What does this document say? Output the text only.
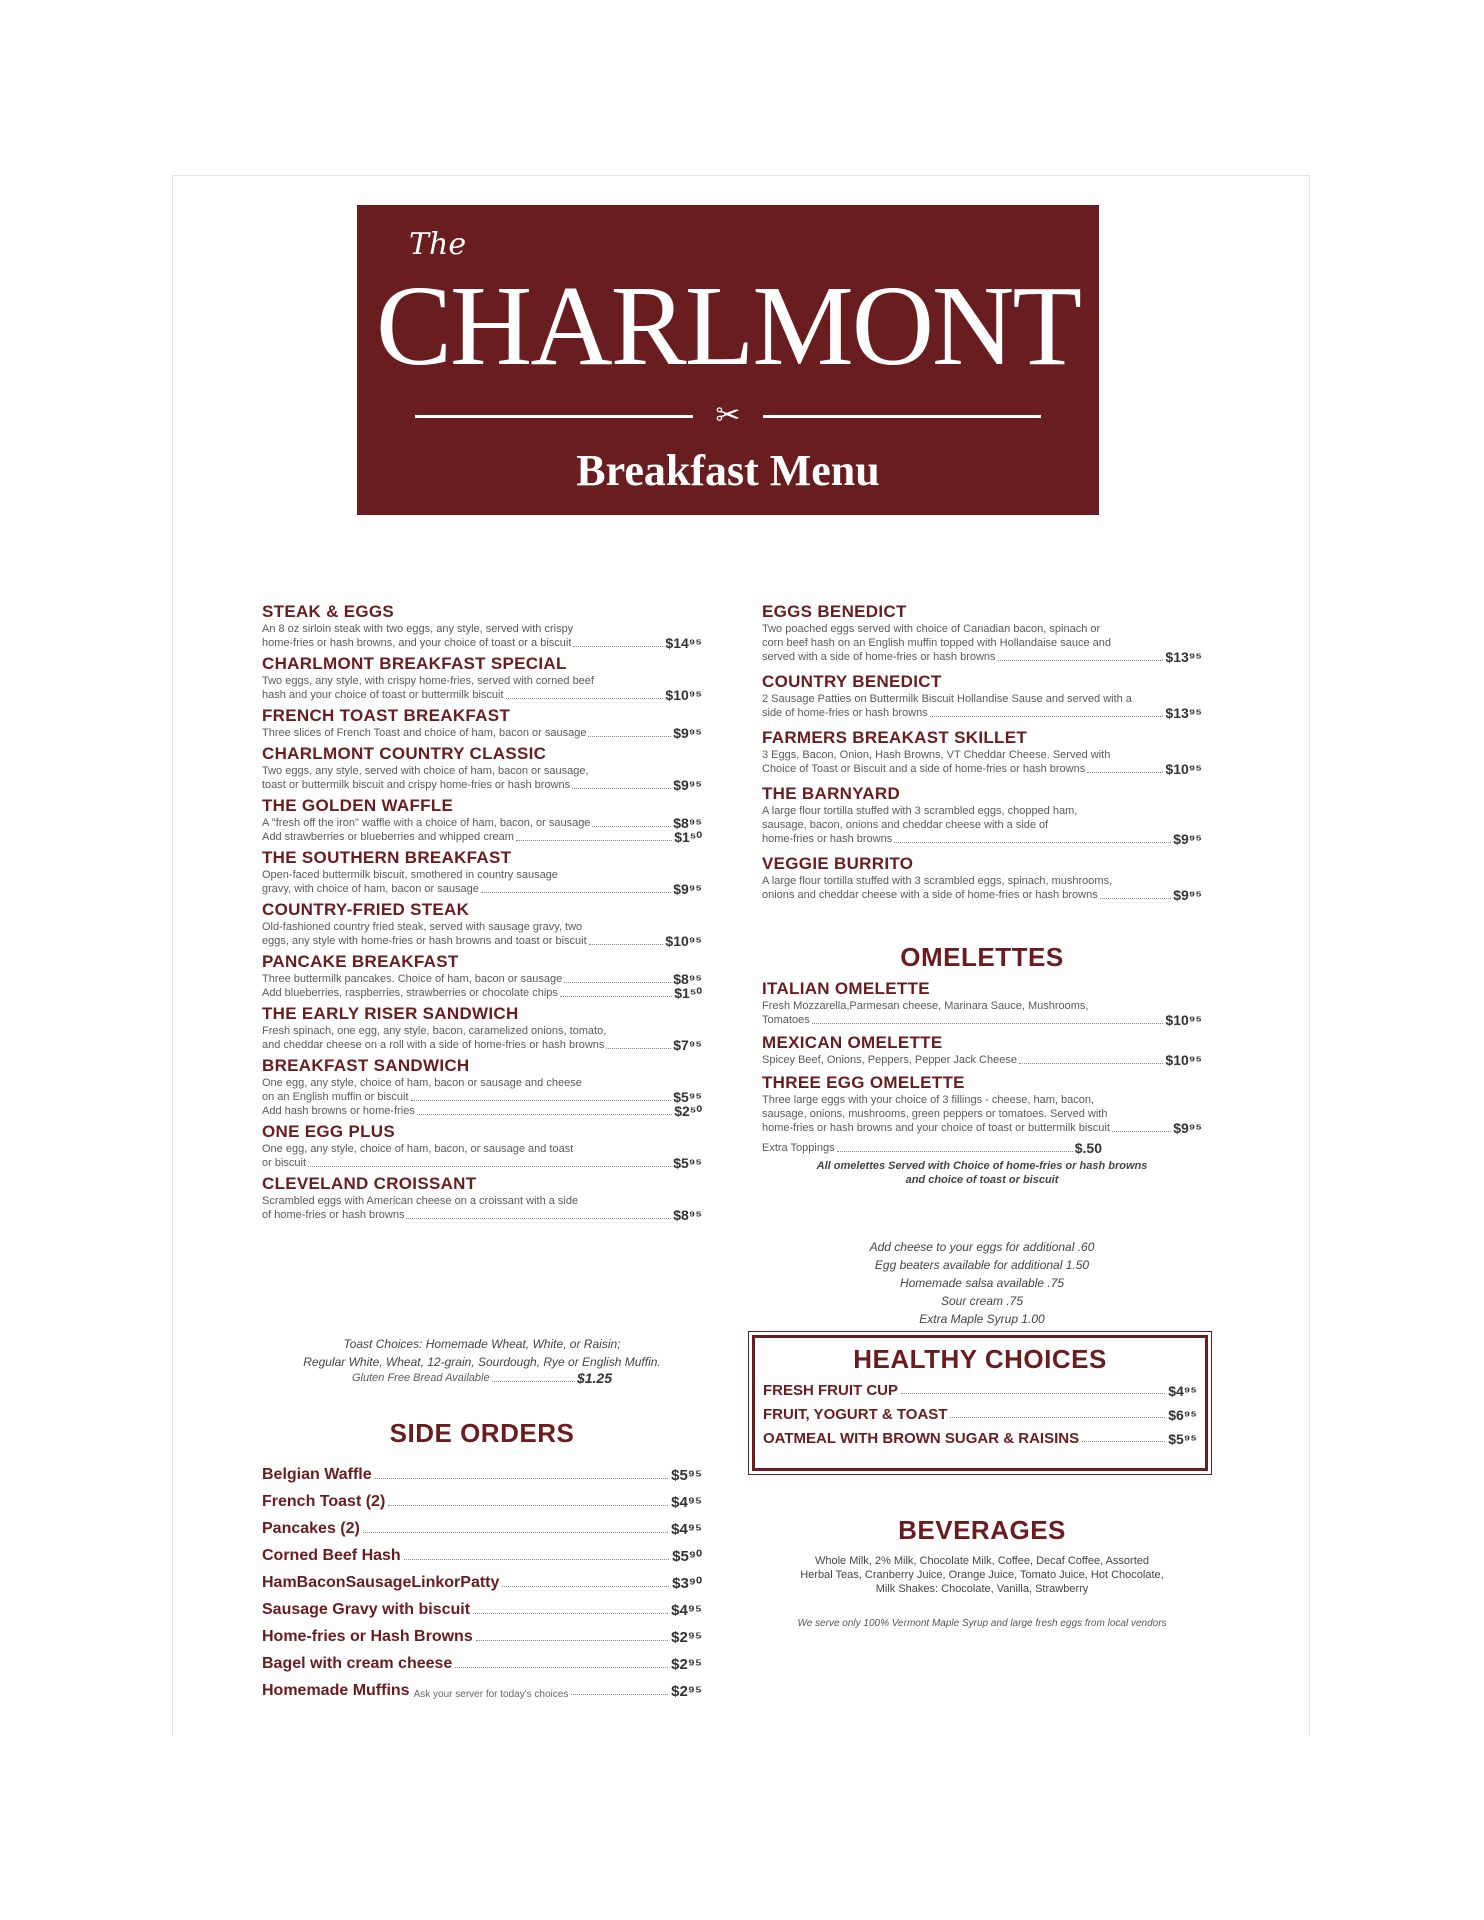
The
CHARLMONT
✂
Breakfast Menu
STEAK & EGGS
An 8 oz sirloin steak with two eggs, any style, served with crispy
home-fries or hash browns, and your choice of toast or a biscuit	$14⁹⁵
CHARLMONT BREAKFAST SPECIAL
Two eggs, any style, with crispy home-fries, served with corned beef
hash and your choice of toast or buttermilk biscuit	$10⁹⁵
FRENCH TOAST BREAKFAST
Three slices of French Toast and choice of ham, bacon or sausage	$9⁹⁵
CHARLMONT COUNTRY CLASSIC
Two eggs, any style, served with choice of ham, bacon or sausage,
toast or buttermilk biscuit and crispy home-fries or hash browns	$9⁹⁵
THE GOLDEN WAFFLE
A "fresh off the iron" waffle with a choice of ham, bacon, or sausage	$8⁹⁵
Add strawberries or blueberries and whipped cream	$1⁵⁰
THE SOUTHERN BREAKFAST
Open-faced buttermilk biscuit, smothered in country sausage
gravy, with choice of ham, bacon or sausage	$9⁹⁵
COUNTRY-FRIED STEAK
Old-fashioned country fried steak, served with sausage gravy, two
eggs, any style with home-fries or hash browns and toast or biscuit	$10⁹⁵
PANCAKE BREAKFAST
Three buttermilk pancakes. Choice of ham, bacon or sausage	$8⁹⁵
Add blueberries, raspberries, strawberries or chocolate chips	$1⁵⁰
THE EARLY RISER SANDWICH
Fresh spinach, one egg, any style, bacon, caramelized onions, tomato,
and cheddar cheese on a roll with a side of home-fries or hash browns	$7⁹⁵
BREAKFAST SANDWICH
One egg, any style, choice of ham, bacon or sausage and cheese
on an English muffin or biscuit	$5⁹⁵
Add hash browns or home-fries	$2⁵⁰
ONE EGG PLUS
One egg, any style, choice of ham, bacon, or sausage and toast
or biscuit	$5⁹⁵
CLEVELAND CROISSANT
Scrambled eggs with American cheese on a croissant with a side
of home-fries or hash browns	$8⁹⁵
Toast Choices: Homemade Wheat, White, or Raisin;
Regular White, Wheat, 12-grain, Sourdough, Rye or English Muffin.
Gluten Free Bread Available	$1.25
SIDE ORDERS
Belgian Waffle	$5⁹⁵
French Toast (2)	$4⁹⁵
Pancakes (2)	$4⁹⁵
Corned Beef Hash	$5⁹⁰
HamBaconSausageLinkorPatty	$3⁹⁰
Sausage Gravy with biscuit	$4⁹⁵
Home-fries or Hash Browns	$2⁹⁵
Bagel with cream cheese	$2⁹⁵
Homemade Muffins Ask your server for today's choices	$2⁹⁵
EGGS BENEDICT
Two poached eggs served with choice of Canadian bacon, spinach or
corn beef hash on an English muffin topped with Hollandaise sauce and
served with a side of home-fries or hash browns	$13⁹⁵
COUNTRY BENEDICT
2 Sausage Patties on Buttermilk Biscuit Hollandise Sause and served with a
side of home-fries or hash browns	$13⁹⁵
FARMERS BREAKAST SKILLET
3 Eggs, Bacon, Onion, Hash Browns, VT Cheddar Cheese. Served with
Choice of Toast or Biscuit and a side of home-fries or hash browns	$10⁹⁵
THE BARNYARD
A large flour tortilla stuffed with 3 scrambled eggs, chopped ham,
sausage, bacon, onions and cheddar cheese with a side of
home-fries or hash browns	$9⁹⁵
VEGGIE BURRITO
A large flour tortilla stuffed with 3 scrambled eggs, spinach, mushrooms,
onions and cheddar cheese with a side of home-fries or hash browns	$9⁹⁵
OMELETTES
ITALIAN OMELETTE
Fresh Mozzarella,Parmesan cheese, Marinara Sauce, Mushrooms,
Tomatoes	$10⁹⁵
MEXICAN OMELETTE
Spicey Beef, Onions, Peppers, Pepper Jack Cheese	$10⁹⁵
THREE EGG OMELETTE
Three large eggs with your choice of 3 fillings - cheese, ham, bacon,
sausage, onions, mushrooms, green peppers or tomatoes. Served with
home-fries or hash browns and your choice of toast or buttermilk biscuit	$9⁹⁵
Extra Toppings	$.50
All omelettes Served with Choice of home-fries or hash browns
and choice of toast or biscuit
Add cheese to your eggs for additional .60
Egg beaters available for additional 1.50
Homemade salsa available .75
Sour cream .75
Extra Maple Syrup 1.00
HEALTHY CHOICES
FRESH FRUIT CUP	$4⁹⁵
FRUIT, YOGURT & TOAST	$6⁹⁵
OATMEAL WITH BROWN SUGAR & RAISINS	$5⁹⁵
BEVERAGES
Whole Milk, 2% Milk, Chocolate Milk, Coffee, Decaf Coffee, Assorted
Herbal Teas, Cranberry Juice, Orange Juice, Tomato Juice, Hot Chocolate,
Milk Shakes: Chocolate, Vanilla, Strawberry
We serve only 100% Vermont Maple Syrup and large fresh eggs from local vendors
